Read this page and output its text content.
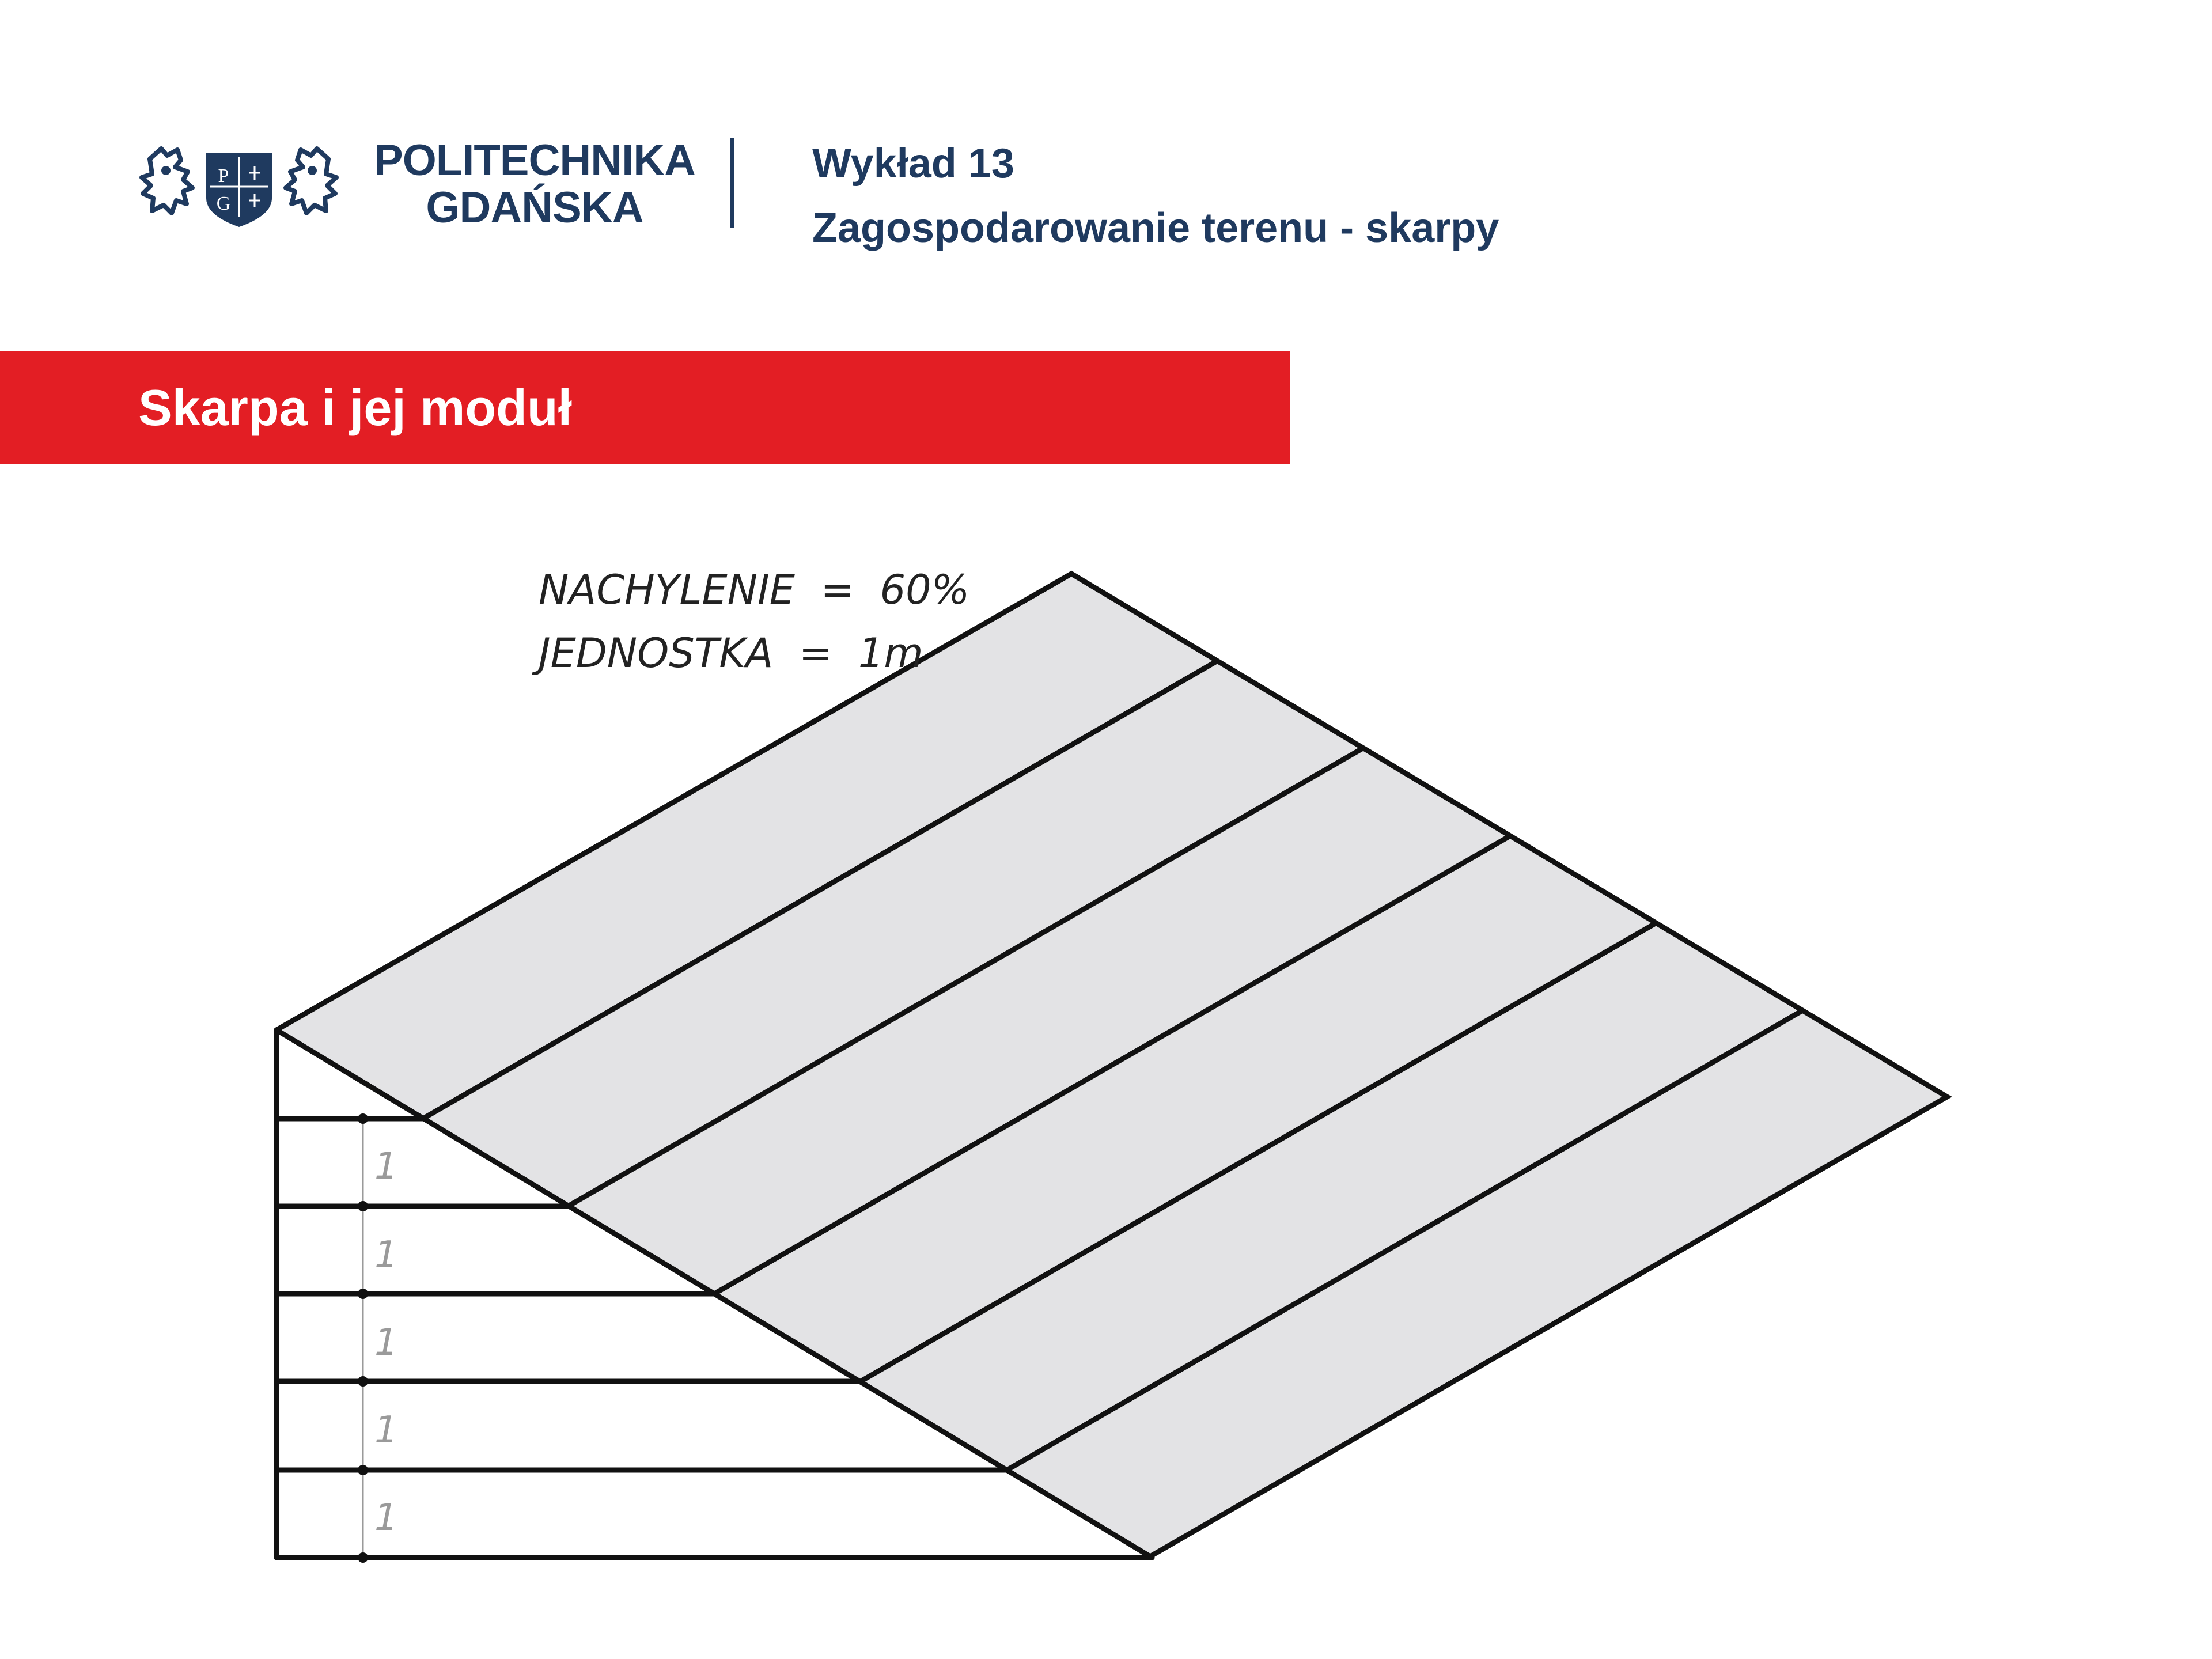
P
G
POLITECHNIKA
GDAŃSKA
Wykład 13
Zagospodarowanie terenu - skarpy
Skarpa i jej moduł
NACHYLENIE  =  60%
JEDNOSTKA  =  1m
1
1
1
1
1
